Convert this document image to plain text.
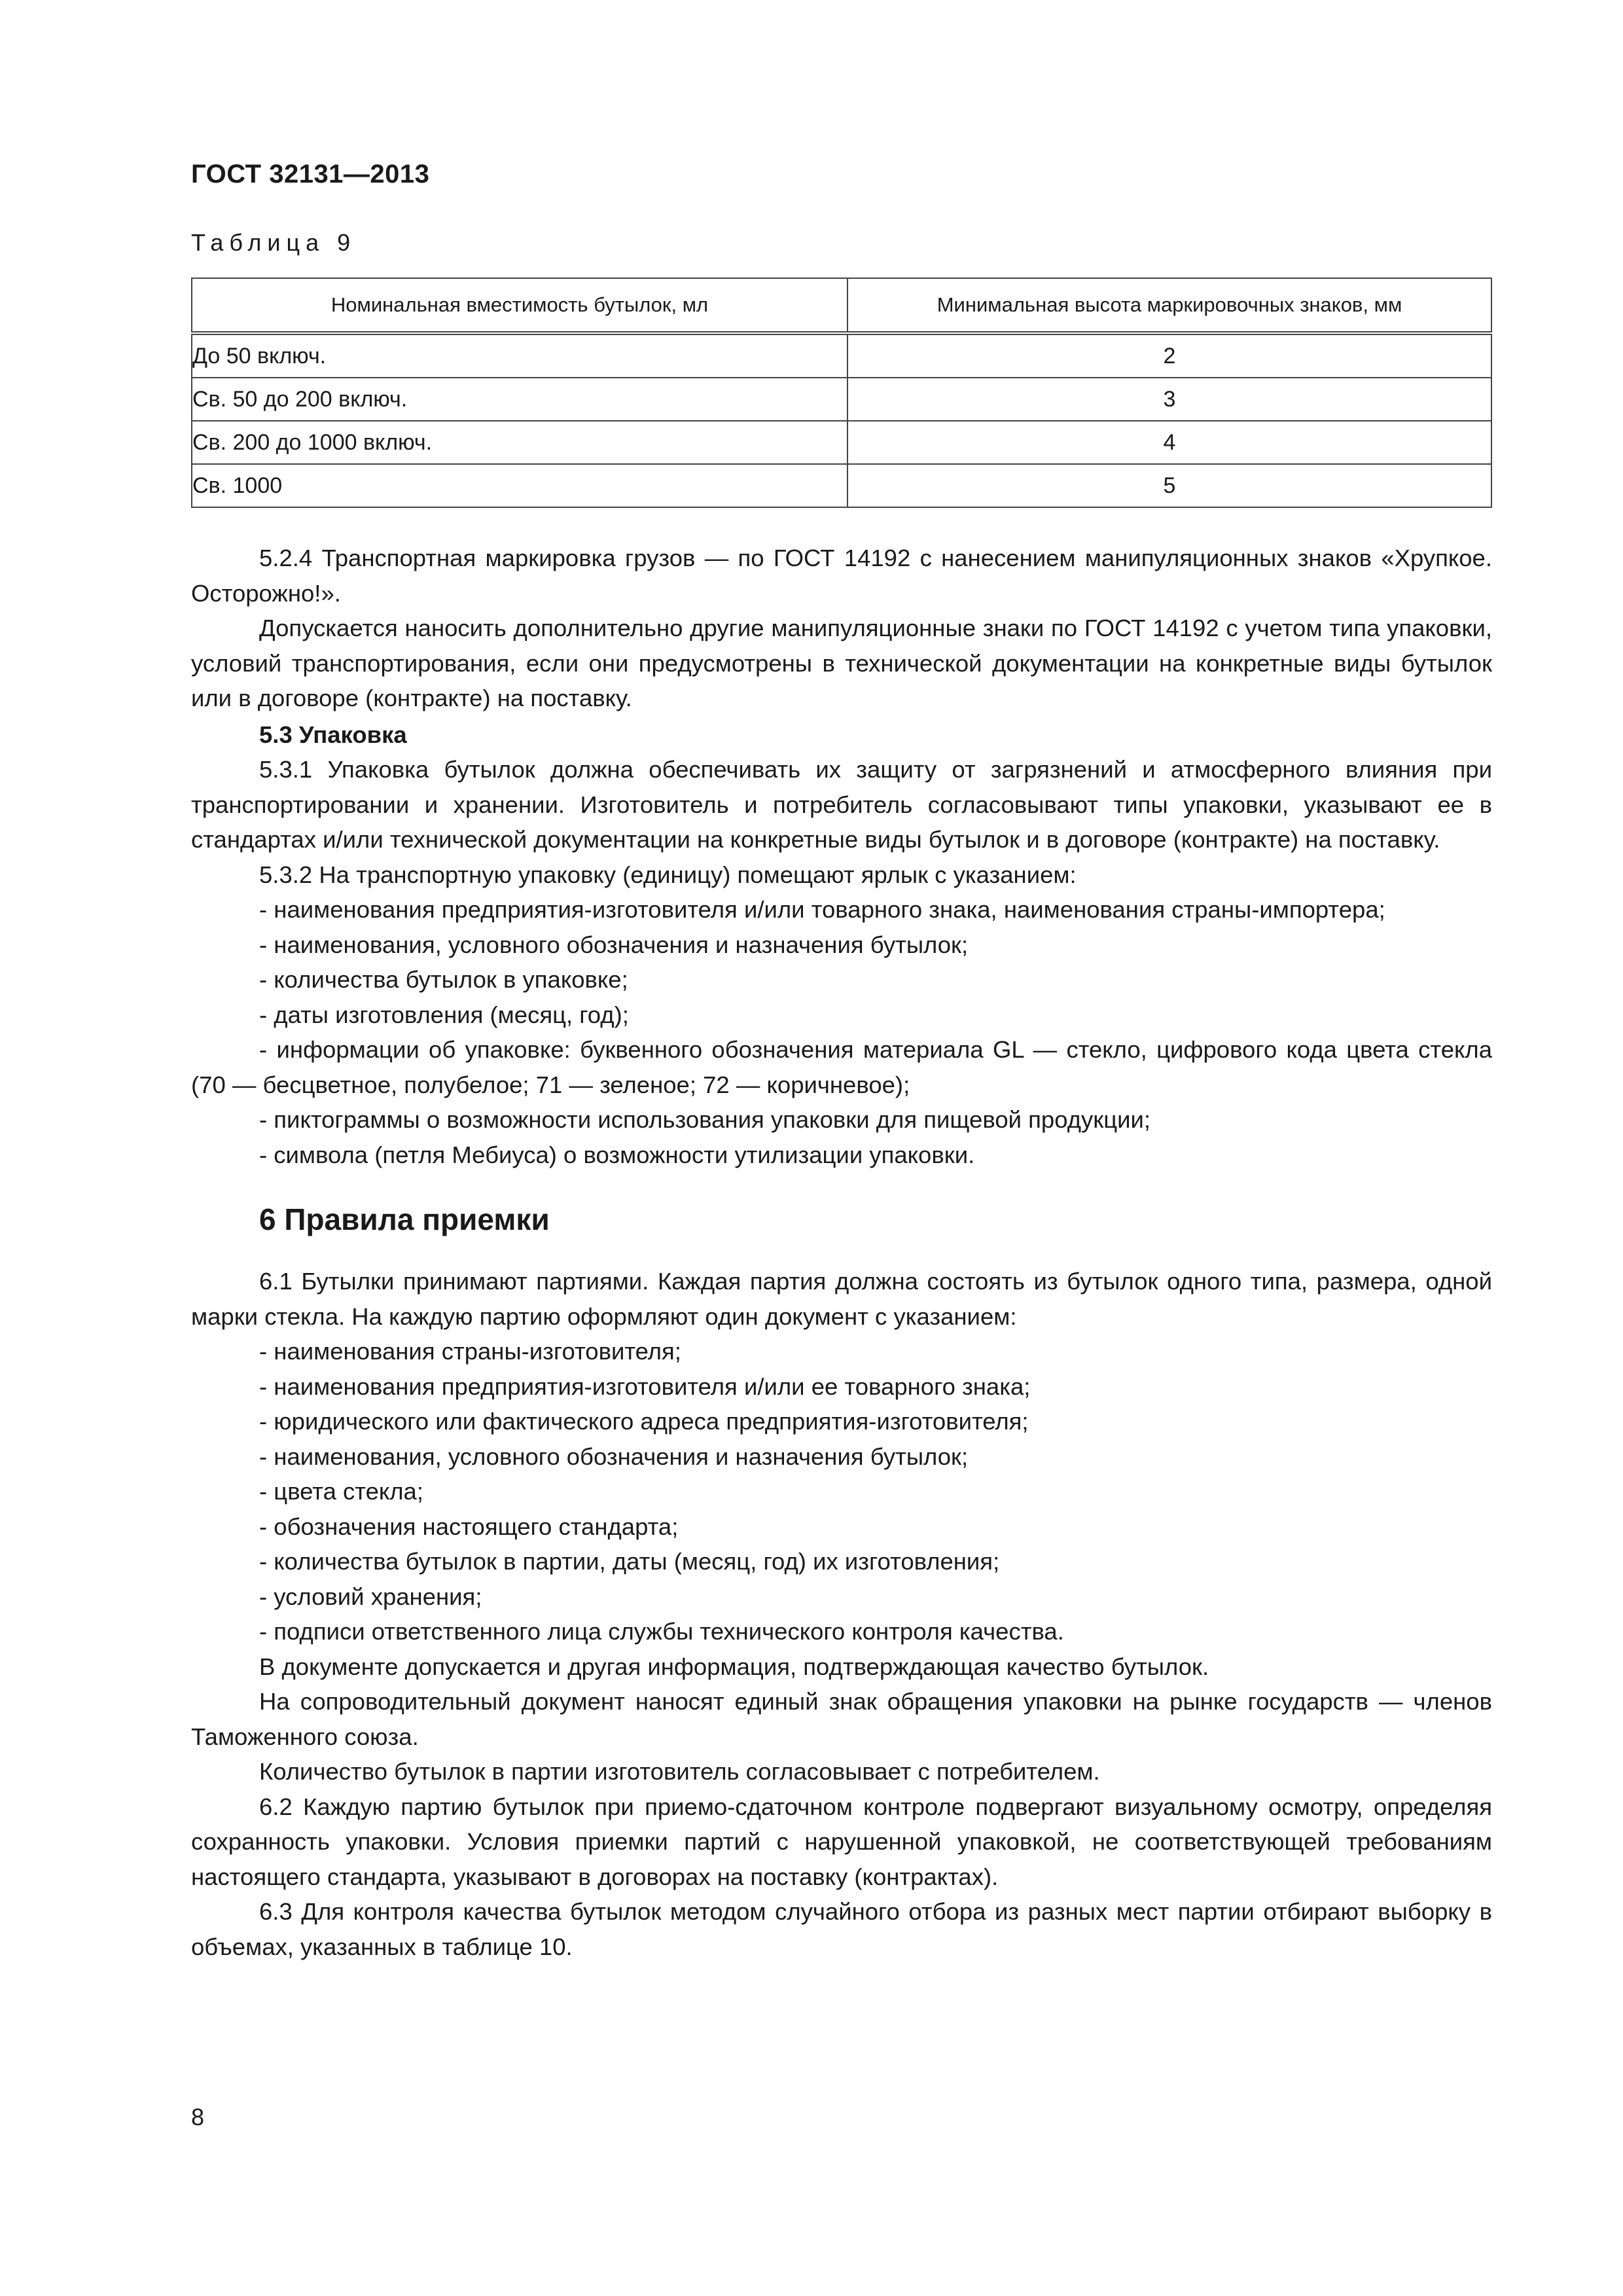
ГОСТ 32131—2013
Таблица 9
Номинальная вместимость бутылок, мл	Минимальная высота маркировочных знаков, мм
До 50 включ.	2
Св. 50 до 200 включ.	3
Св. 200 до 1000 включ.	4
Св. 1000	5

5.2.4 Транспортная маркировка грузов — по ГОСТ 14192 с нанесением манипуляционных знаков «Хрупкое. Осторожно!».

Допускается наносить дополнительно другие манипуляционные знаки по ГОСТ 14192 с учетом типа упаковки, условий транспортирования, если они предусмотрены в технической документации на конкретные виды бутылок или в договоре (контракте) на поставку.

5.3 Упаковка

5.3.1 Упаковка бутылок должна обеспечивать их защиту от загрязнений и атмосферного влияния при транспортировании и хранении. Изготовитель и потребитель согласовывают типы упаковки, указывают ее в стандартах и/или технической документации на конкретные виды бутылок и в договоре (контракте) на поставку.

5.3.2 На транспортную упаковку (единицу) помещают ярлык с указанием:

- наименования предприятия-изготовителя и/или товарного знака, наименования страны-импортера;

- наименования, условного обозначения и назначения бутылок;

- количества бутылок в упаковке;

- даты изготовления (месяц, год);

- информации об упаковке: буквенного обозначения материала GL — стекло, цифрового кода цвета стекла (70 — бесцветное, полубелое; 71 — зеленое; 72 — коричневое);

- пиктограммы о возможности использования упаковки для пищевой продукции;

- символа (петля Мебиуса) о возможности утилизации упаковки.

6 Правила приемки

6.1 Бутылки принимают партиями. Каждая партия должна состоять из бутылок одного типа, размера, одной марки стекла. На каждую партию оформляют один документ с указанием:

- наименования страны-изготовителя;

- наименования предприятия-изготовителя и/или ее товарного знака;

- юридического или фактического адреса предприятия-изготовителя;

- наименования, условного обозначения и назначения бутылок;

- цвета стекла;

- обозначения настоящего стандарта;

- количества бутылок в партии, даты (месяц, год) их изготовления;

- условий хранения;

- подписи ответственного лица службы технического контроля качества.

В документе допускается и другая информация, подтверждающая качество бутылок.

На сопроводительный документ наносят единый знак обращения упаковки на рынке государств — членов Таможенного союза.

Количество бутылок в партии изготовитель согласовывает с потребителем.

6.2 Каждую партию бутылок при приемо-сдаточном контроле подвергают визуальному осмотру, определяя сохранность упаковки. Условия приемки партий с нарушенной упаковкой, не соответствующей требованиям настоящего стандарта, указывают в договорах на поставку (контрактах).

6.3 Для контроля качества бутылок методом случайного отбора из разных мест партии отбирают выборку в объемах, указанных в таблице 10.

8
